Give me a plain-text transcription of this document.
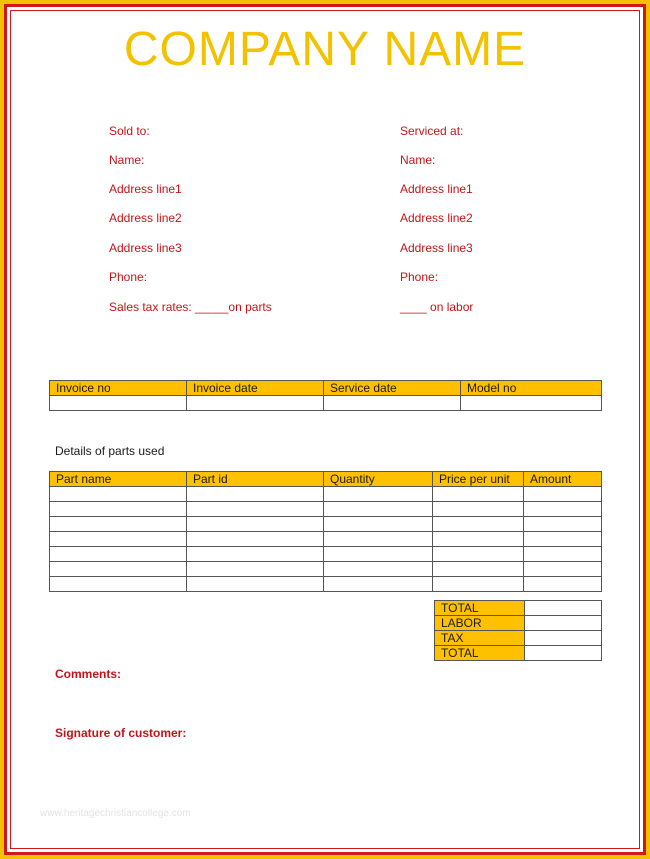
COMPANY NAME
Sold to:
Name:
Address line1
Address line2
Address line3
Phone:
Sales tax rates: _____on parts
Serviced at:
Name:
Address line1
Address line2
Address line3
Phone:
____ on labor
Invoice no	Invoice date	Service date	Model no

Details of parts used
Part name	Part id	Quantity	Price per unit	Amount

TOTAL	
LABOR	
TAX	
TOTAL	
Comments:
Signature of customer:
www.heritagechristiancollege.com
